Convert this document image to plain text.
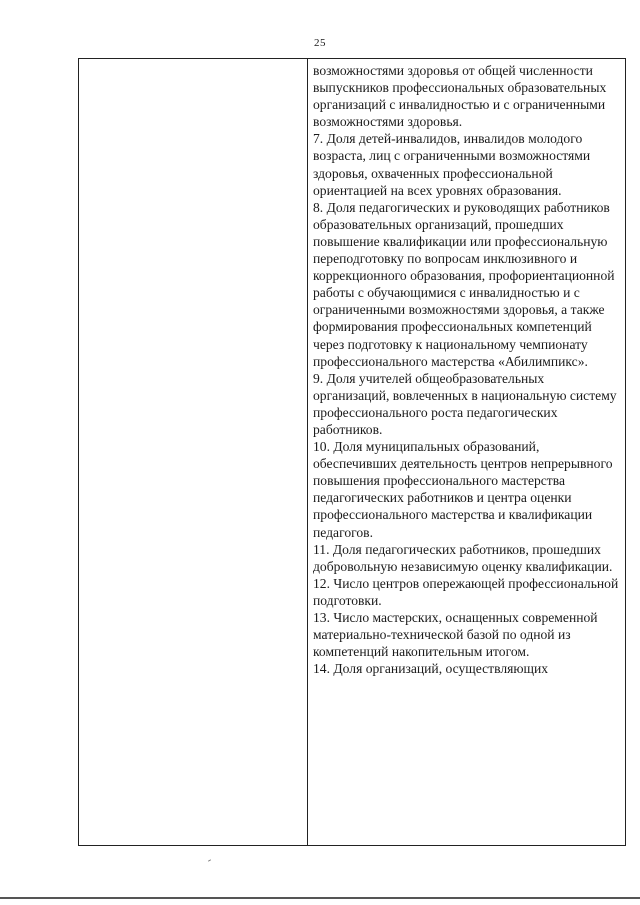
25

возможностями здоровья от общей численности выпускников профессиональных образовательных организаций с инвалидностью и с ограниченными возможностями здоровья.

7. Доля детей-инвалидов, инвалидов молодого возраста, лиц с ограниченными возможностями здоровья, охваченных профессиональной ориентацией на всех уровнях образования.

8. Доля педагогических и руководящих работников образовательных организаций, прошедших повышение квалификации или профессиональную переподготовку по вопросам инклюзивного и коррекционного образования, профориентационной работы с обучающимися с инвалидностью и с ограниченными возможностями здоровья, а также формирования профессиональных компетенций через подготовку к национальному чемпионату профессионального мастерства «Абилимпикс».

9. Доля учителей общеобразовательных организаций, вовлеченных в национальную систему профессионального роста педагогических работников.

10. Доля муниципальных образований, обеспечивших деятельность центров непрерывного повышения профессионального мастерства педагогических работников и центра оценки профессионального мастерства и квалификации педагогов.

11. Доля педагогических работников, прошедших добровольную независимую оценку квалификации.

12. Число центров опережающей профессиональной подготовки.

13. Число мастерских, оснащенных современной материально-технической базой по одной из компетенций накопительным итогом.

14. Доля организаций, осуществляющих
